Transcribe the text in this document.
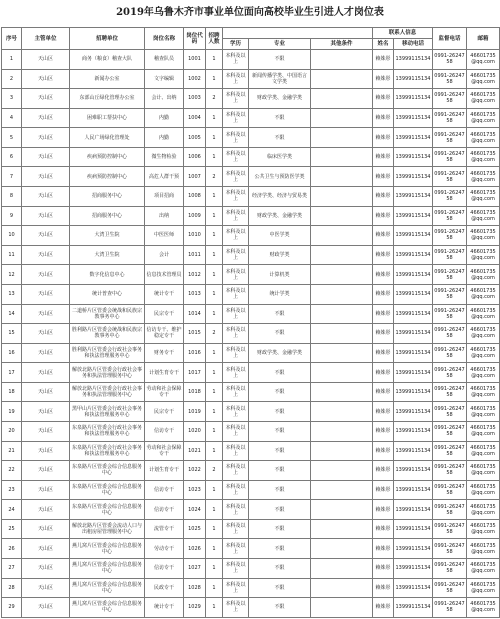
2019年乌鲁木齐市事业单位面向高校毕业生引进人才岗位表
序号	主管单位	招聘单位	岗位名称	岗位代码	招聘人数				联系人信息		监督电话	邮箱
						学历	专业	其他条件	姓名	移动电话		
1	天山区	商务（粮食）稽查大队	稽查队员	1001	1	本科及以上	不限		赖姝彤	13999115134	0991-2624758	46601735@qq.com
2	天山区	新闻办公室	文字编辑	1002	1	本科及以上	新闻传播学类、中国语言文学类		赖姝彤	13999115134	0991-2624758	46601735@qq.com
3	天山区	东部山丘绿化管理办公室	会计、出纳	1003	2	本科及以上	财政学类、金融学类		赖姝彤	13999115134	0991-2624758	46601735@qq.com
4	天山区	困难职工帮扶中心	内勤	1004	1	本科及以上	不限		赖姝彤	13999115134	0991-2624758	46601735@qq.com
5	天山区	人民广场绿化管理处	内勤	1005	1	本科及以上	不限		赖姝彤	13999115134	0991-2624758	46601735@qq.com
6	天山区	疾病预防控制中心	微生物检验	1006	1	本科及以上	临床医学类		赖姝彤	13999115134	0991-2624758	46601735@qq.com
7	天山区	疾病预防控制中心	高危人群干预	1007	2	本科及以上	公共卫生与预防医学类		赖姝彤	13999115134	0991-2624758	46601735@qq.com
8	天山区	招商服务中心	项目招商	1008	1	本科及以上	经济学类、经济与贸易类		赖姝彤	13999115134	0991-2624758	46601735@qq.com
9	天山区	招商服务中心	出纳	1009	1	本科及以上	财政学类、金融学类		赖姝彤	13999115134	0991-2624758	46601735@qq.com
10	天山区	大湾卫生院	中医医师	1010	1	本科及以上	中医学类		赖姝彤	13999115134	0991-2624758	46601735@qq.com
11	天山区	大湾卫生院	会计	1011	1	本科及以上	财政学类		赖姝彤	13999115134	0991-2624758	46601735@qq.com
12	天山区	数字化信息中心	信息技术管理员	1012	1	本科及以上	计算机类		赖姝彤	13999115134	0991-2624758	46601735@qq.com
13	天山区	统计普查中心	统计专干	1013	1	本科及以上	统计学类		赖姝彤	13999115134	0991-2624758	46601735@qq.com
14	天山区	二道桥片区管委会统战和民族宗教事务中心	民宗专干	1014	1	本科及以上	不限		赖姝彤	13999115134	0991-2624758	46601735@qq.com
15	天山区	胜利路片区管委会统战和民族宗教事务中心	信访专干、维护稳定专干	1015	2	本科及以上	不限		赖姝彤	13999115134	0991-2624758	46601735@qq.com
16	天山区	胜利路片区管委会行政社会事务和执法管理服务中心	财务专干	1016	1	本科及以上	财政学类、金融学类		赖姝彤	13999115134	0991-2624758	46601735@qq.com
17	天山区	解放北路片区管委会行政社会事务和执法管理服务中心	计划生育专干	1017	1	本科及以上	不限		赖姝彤	13999115134	0991-2624758	46601735@qq.com
18	天山区	解放北路片区管委会行政社会事务和执法管理服务中心	劳动和社会保障专干	1018	1	本科及以上	不限		赖姝彤	13999115134	0991-2624758	46601735@qq.com
19	天山区	黑甲山片区管委会行政社会事务和执法管理服务中心	民宗专干	1019	1	本科及以上	不限		赖姝彤	13999115134	0991-2624758	46601735@qq.com
20	天山区	东泉路片区管委会行政社会事务和执法管理服务中心	信访专干	1020	1	本科及以上	不限		赖姝彤	13999115134	0991-2624758	46601735@qq.com
21	天山区	东泉路片区管委会行政社会事务和执法管理服务中心	劳动和社会保障专干	1021	1	本科及以上	不限		赖姝彤	13999115134	0991-2624758	46601735@qq.com
22	天山区	东泉路片区管委会综合信息服务中心	计划生育专干	1022	2	本科及以上	不限		赖姝彤	13999115134	0991-2624758	46601735@qq.com
23	天山区	东泉路片区管委会综合信息服务中心	信访专干	1023	1	本科及以上	不限		赖姝彤	13999115134	0991-2624758	46601735@qq.com
24	天山区	东泉路片区管委会综合信息服务中心	信访专干	1024	1	本科及以上	不限		赖姝彤	13999115134	0991-2624758	46601735@qq.com
25	天山区	解放北路片区管委会流动人口与出租房屋管理服务中心	流管专干	1025	1	本科及以上	不限		赖姝彤	13999115134	0991-2624758	46601735@qq.com
26	天山区	燕儿窝片区管委会综合信息服务中心	劳动专干	1026	1	本科及以上	不限		赖姝彤	13999115134	0991-2624758	46601735@qq.com
27	天山区	燕儿窝片区管委会综合信息服务中心	信访专干	1027	1	本科及以上	不限		赖姝彤	13999115134	0991-2624758	46601735@qq.com
28	天山区	燕儿窝片区管委会综合信息服务中心	民政专干	1028	1	本科及以上	不限		赖姝彤	13999115134	0991-2624758	46601735@qq.com
29	天山区	燕儿窝片区管委会综合信息服务中心	统计专干	1029	1	本科及以上	不限		赖姝彤	13999115134	0991-2624758	46601735@qq.com
